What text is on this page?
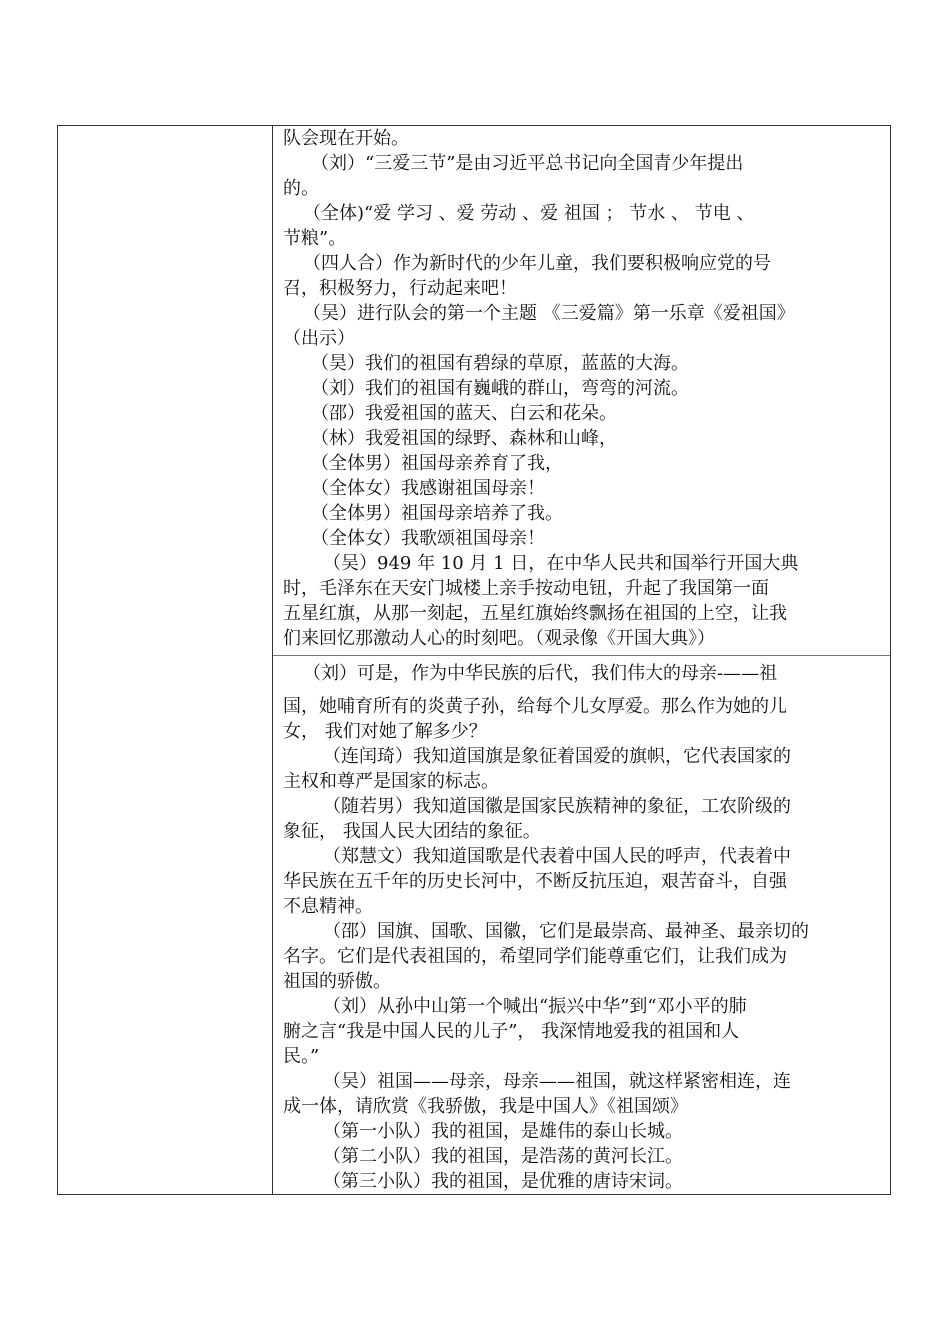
队会现在开始。
（刘）“三爱三节”是由习近平总书记向全国青少年提出
的。
（全体)“爱 学习 、爱 劳动 、爱 祖国 ； 节水 、 节电 、
节粮”。
（四人合）作为新时代的少年儿童，我们要积极响应党的号
召，积极努力，行动起来吧！
（吴）进行队会的第一个主题 《三爱篇》第一乐章《爱祖国》
（出示）
（昊）我们的祖国有碧绿的草原，蓝蓝的大海。
（刘）我们的祖国有巍峨的群山，弯弯的河流。
（邵）我爱祖国的蓝天、白云和花朵。
（林）我爱祖国的绿野、森林和山峰，
（全体男）祖国母亲养育了我，
（全体女）我感谢祖国母亲！
（全体男）祖国母亲培养了我。
（全体女）我歌颂祖国母亲！
（吴）949 年 10 月 1 日，在中华人民共和国举行开国大典
时，毛泽东在天安门城楼上亲手按动电钮，升起了我国第一面
五星红旗，从那一刻起，五星红旗始终飘扬在祖国的上空，让我
们来回忆那激动人心的时刻吧。（观录像《开国大典》）
（刘）可是，作为中华民族的后代，我们伟大的母亲-——祖
国，她哺育所有的炎黄子孙，给每个儿女厚爱。那么作为她的儿
女， 我们对她了解多少？
（连闰琦）我知道国旗是象征着国爱的旗帜，它代表国家的
主权和尊严是国家的标志。
（随若男）我知道国徽是国家民族精神的象征，工农阶级的
象征， 我国人民大团结的象征。
（郑慧文）我知道国歌是代表着中国人民的呼声，代表着中
华民族在五千年的历史长河中，不断反抗压迫，艰苦奋斗，自强
不息精神。
（邵）国旗、国歌、国徽，它们是最崇高、最神圣、最亲切的
名字。它们是代表祖国的，希望同学们能尊重它们，让我们成为
祖国的骄傲。
（刘）从孙中山第一个喊出“振兴中华”到“邓小平的肺
腑之言“我是中国人民的儿子”， 我深情地爱我的祖国和人
民。”
（吴）祖国——母亲，母亲——祖国，就这样紧密相连，连
成一体，请欣赏《我骄傲，我是中国人》《祖国颂》
（第一小队）我的祖国，是雄伟的泰山长城。
（第二小队）我的祖国，是浩荡的黄河长江。
（第三小队）我的祖国，是优雅的唐诗宋词。
